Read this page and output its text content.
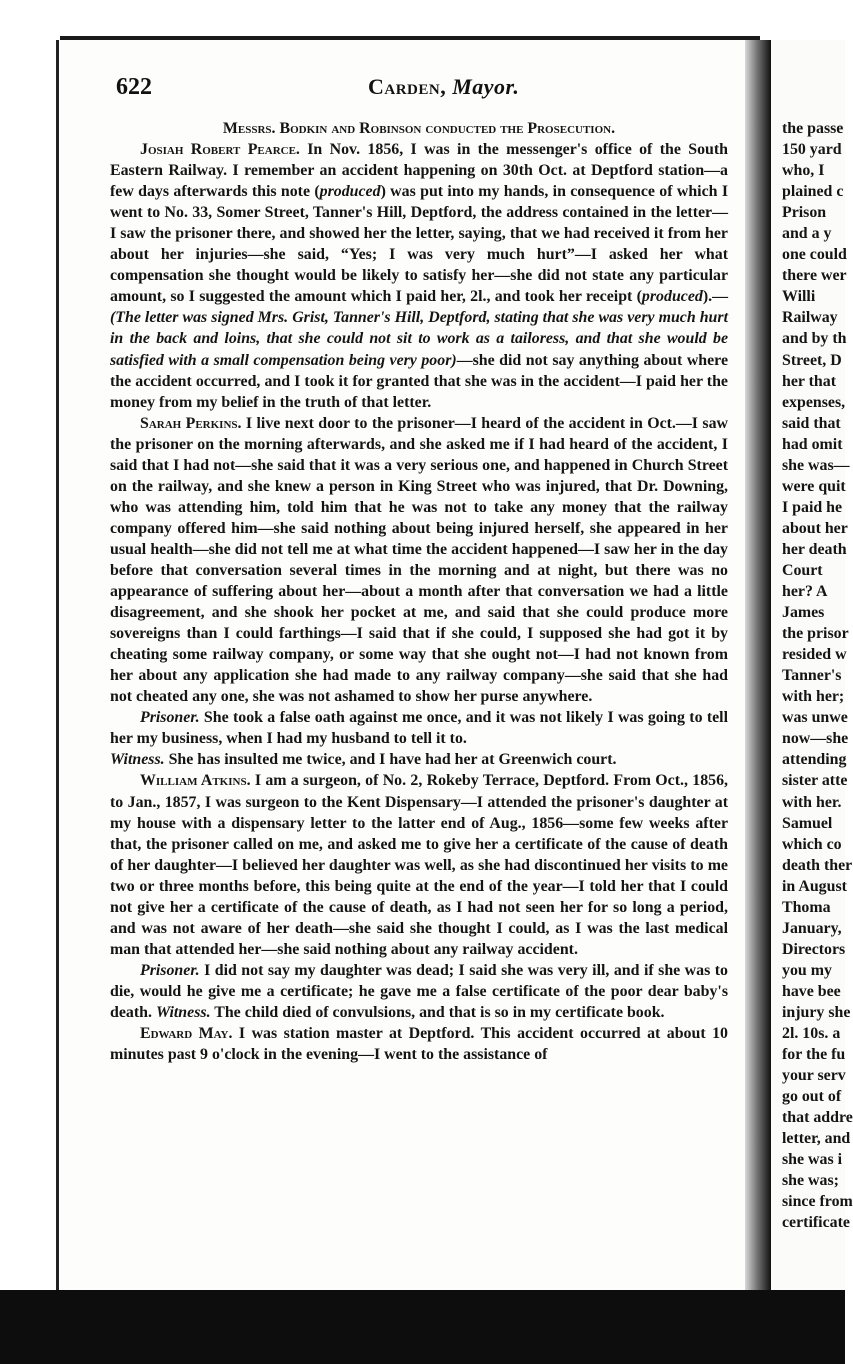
622	Carden, Mayor.

Messrs. Bodkin and Robinson conducted the Prosecution.

Josiah Robert Pearce. In Nov. 1856, I was in the messenger's office of the South Eastern Railway. I remember an accident happening on 30th Oct. at Deptford station—a few days afterwards this note (produced) was put into my hands, in consequence of which I went to No. 33, Somer Street, Tanner's Hill, Deptford, the address contained in the letter—I saw the prisoner there, and showed her the letter, saying, that we had received it from her about her injuries—she said, “Yes; I was very much hurt”—I asked her what compensation she thought would be likely to satisfy her—she did not state any particular amount, so I suggested the amount which I paid her, 2l., and took her receipt (produced).—(The letter was signed Mrs. Grist, Tanner's Hill, Deptford, stating that she was very much hurt in the back and loins, that she could not sit to work as a tailoress, and that she would be satisfied with a small compensation being very poor)—she did not say anything about where the accident occurred, and I took it for granted that she was in the accident—I paid her the money from my belief in the truth of that letter.

Sarah Perkins. I live next door to the prisoner—I heard of the accident in Oct.—I saw the prisoner on the morning afterwards, and she asked me if I had heard of the accident, I said that I had not—she said that it was a very serious one, and happened in Church Street on the railway, and she knew a person in King Street who was injured, that Dr. Downing, who was attending him, told him that he was not to take any money that the railway company offered him—she said nothing about being injured herself, she appeared in her usual health—she did not tell me at what time the accident happened—I saw her in the day before that conversation several times in the morning and at night, but there was no appearance of suffering about her—about a month after that conversation we had a little disagreement, and she shook her pocket at me, and said that she could produce more sovereigns than I could farthings—I said that if she could, I supposed she had got it by cheating some railway company, or some way that she ought not—I had not known from her about any application she had made to any railway company—she said that she had not cheated any one, she was not ashamed to show her purse anywhere.

Prisoner. She took a false oath against me once, and it was not likely I was going to tell her my business, when I had my husband to tell it to.

Witness. She has insulted me twice, and I have had her at Greenwich court.

William Atkins. I am a surgeon, of No. 2, Rokeby Terrace, Deptford. From Oct., 1856, to Jan., 1857, I was surgeon to the Kent Dispensary—I attended the prisoner's daughter at my house with a dispensary letter to the latter end of Aug., 1856—some few weeks after that, the prisoner called on me, and asked me to give her a certificate of the cause of death of her daughter—I believed her daughter was well, as she had discontinued her visits to me two or three months before, this being quite at the end of the year—I told her that I could not give her a certificate of the cause of death, as I had not seen her for so long a period, and was not aware of her death—she said she thought I could, as I was the last medical man that attended her—she said nothing about any railway accident.

Prisoner. I did not say my daughter was dead; I said she was very ill, and if she was to die, would he give me a certificate; he gave me a false certificate of the poor dear baby's death. Witness. The child died of convulsions, and that is so in my certificate book.

Edward May. I was station master at Deptford. This accident occurred at about 10 minutes past 9 o'clock in the evening—I went to the assistance of

the passe
150 yard
who, I
plained c
Prison
and a y
one could
there wer
Willi
Railway
and by th
Street, D
her that
expenses,
said that
had omit
she was—
were quit
I paid he
about her
her death
Court
her? A
James
the prisor
resided w
Tanner's
with her;
was unwe
now—she
attending
sister atte
with her.
Samuel
which co
death ther
in August
Thoma
January,
Directors
you my
have bee
injury she
2l. 10s. a
for the fu
your serv
go out of
that addre
letter, and
she was i
she was;
since from
certificate
